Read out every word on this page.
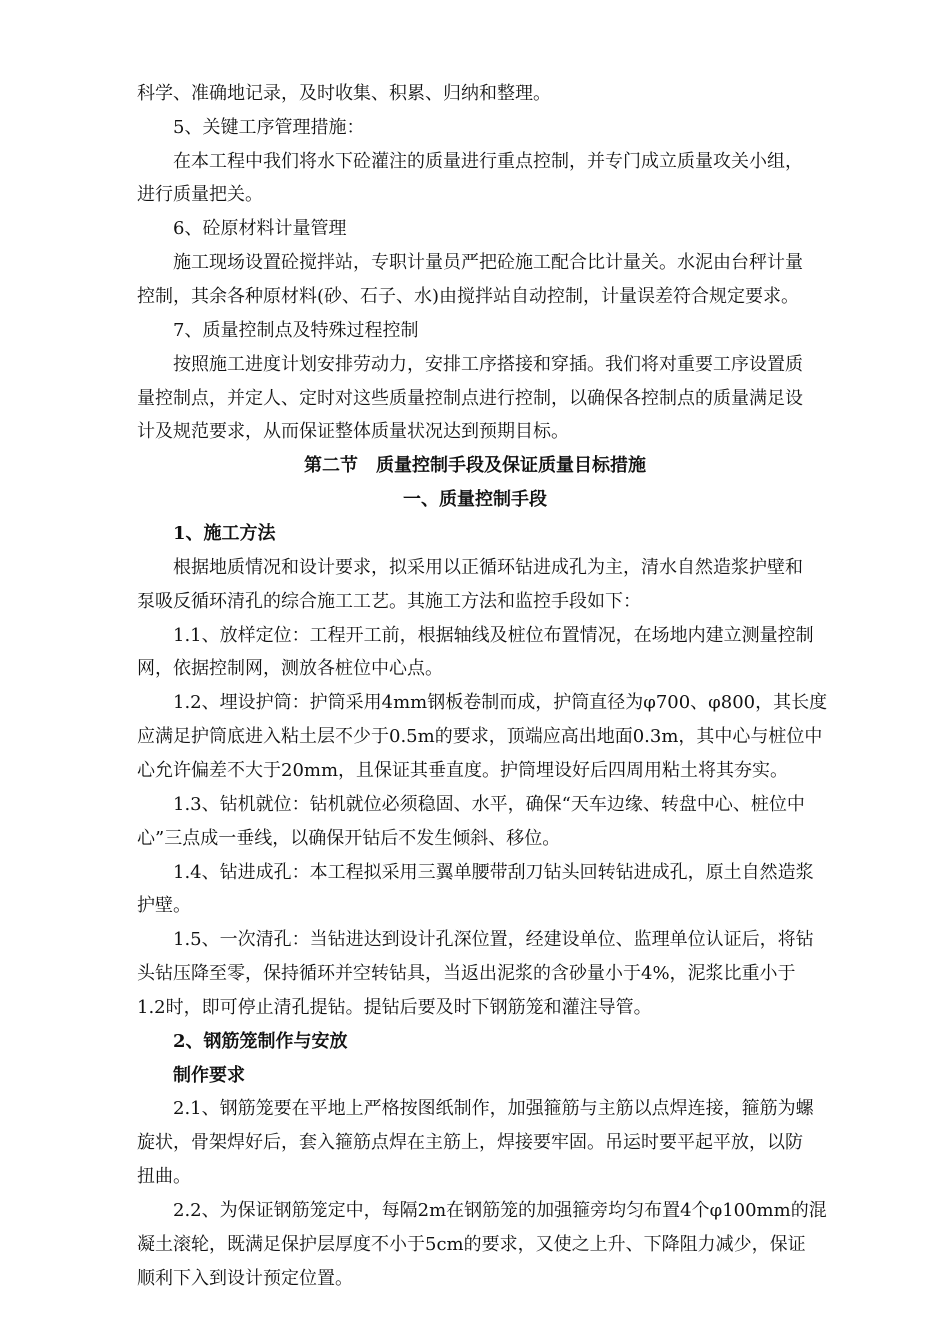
科学、准确地记录，及时收集、积累、归纳和整理。
5、关键工序管理措施：
在本工程中我们将水下砼灌注的质量进行重点控制，并专门成立质量攻关小组，
进行质量把关。
6、砼原材料计量管理
施工现场设置砼搅拌站，专职计量员严把砼施工配合比计量关。水泥由台秤计量
控制，其余各种原材料(砂、石子、水)由搅拌站自动控制，计量误差符合规定要求。
7、质量控制点及特殊过程控制
按照施工进度计划安排劳动力，安排工序搭接和穿插。我们将对重要工序设置质
量控制点，并定人、定时对这些质量控制点进行控制，以确保各控制点的质量满足设
计及规范要求，从而保证整体质量状况达到预期目标。
第二节　质量控制手段及保证质量目标措施
一、质量控制手段
1、施工方法
根据地质情况和设计要求，拟采用以正循环钻进成孔为主，清水自然造浆护壁和
泵吸反循环清孔的综合施工工艺。其施工方法和监控手段如下：
1.1、放样定位：工程开工前，根据轴线及桩位布置情况，在场地内建立测量控制
网，依据控制网，测放各桩位中心点。
1.2、埋设护筒：护筒采用4mm钢板卷制而成，护筒直径为φ700、φ800，其长度
应满足护筒底进入粘土层不少于0.5m的要求，顶端应高出地面0.3m，其中心与桩位中
心允许偏差不大于20mm，且保证其垂直度。护筒埋设好后四周用粘土将其夯实。
1.3、钻机就位：钻机就位必须稳固、水平，确保“天车边缘、转盘中心、桩位中
心”三点成一垂线，以确保开钻后不发生倾斜、移位。
1.4、钻进成孔：本工程拟采用三翼单腰带刮刀钻头回转钻进成孔，原土自然造浆
护壁。
1.5、一次清孔：当钻进达到设计孔深位置，经建设单位、监理单位认证后，将钻
头钻压降至零，保持循环并空转钻具，当返出泥浆的含砂量小于4%，泥浆比重小于
1.2时，即可停止清孔提钻。提钻后要及时下钢筋笼和灌注导管。
2、钢筋笼制作与安放
制作要求
2.1、钢筋笼要在平地上严格按图纸制作，加强箍筋与主筋以点焊连接，箍筋为螺
旋状，骨架焊好后，套入箍筋点焊在主筋上，焊接要牢固。吊运时要平起平放，以防
扭曲。
2.2、为保证钢筋笼定中，每隔2m在钢筋笼的加强箍旁均匀布置4个φ100mm的混
凝土滚轮，既满足保护层厚度不小于5cm的要求，又使之上升、下降阻力减少，保证
顺利下入到设计预定位置。
